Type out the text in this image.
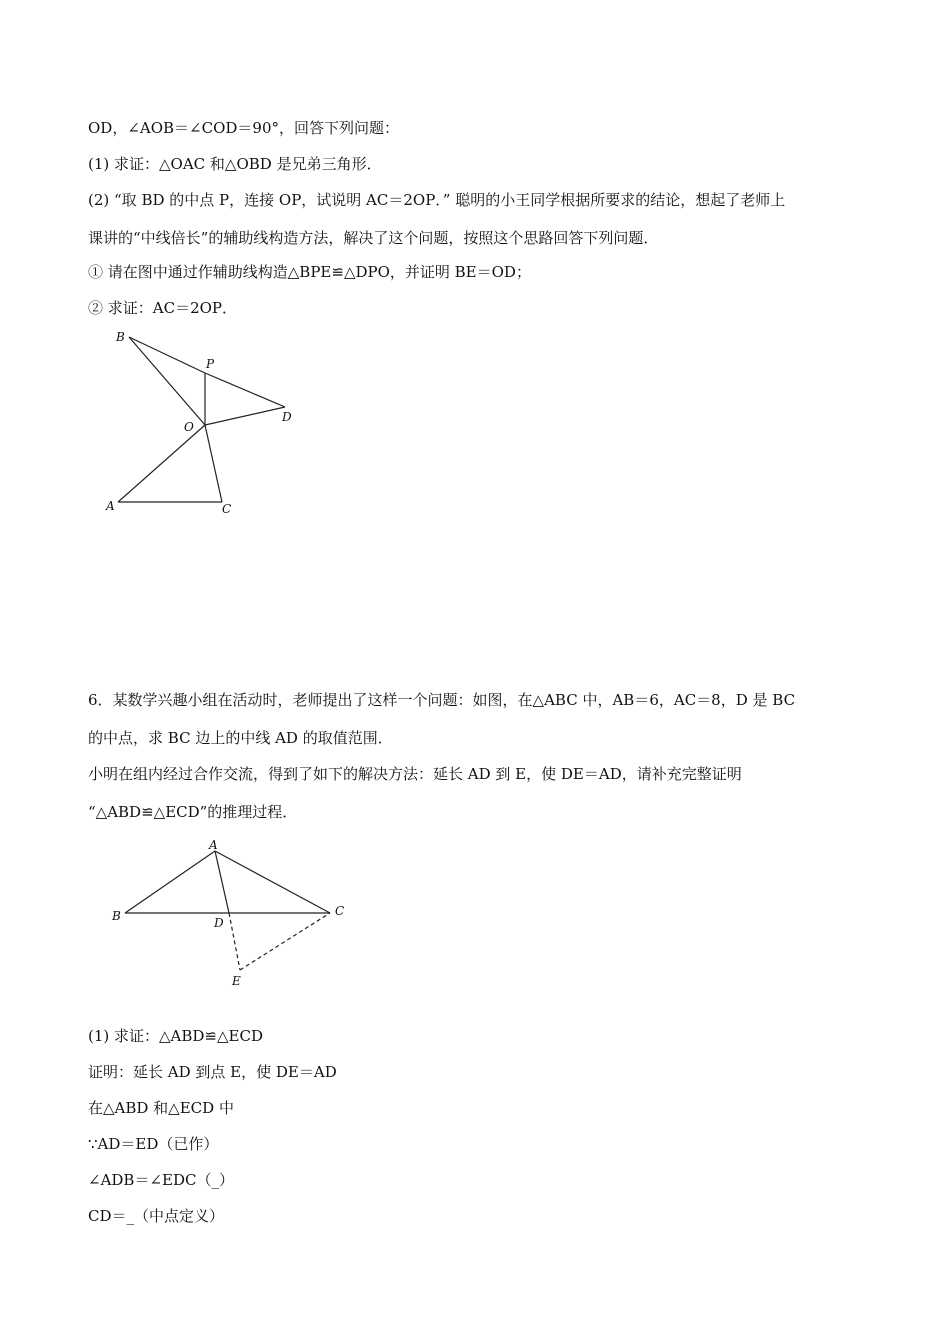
OD，∠AOB＝∠COD＝90°，回答下列问题：
(1) 求证：△OAC 和△OBD 是兄弟三角形．
(2) “取 BD 的中点 P，连接 OP，试说明 AC＝2OP．” 聪明的小王同学根据所要求的结论，想起了老师上
课讲的“中线倍长”的辅助线构造方法，解决了这个问题，按照这个思路回答下列问题．
① 请在图中通过作辅助线构造△BPE≌△DPO，并证明 BE＝OD；
② 求证：AC＝2OP．
B
P
D
O
A	C
A
B	D
C
E
6．某数学兴趣小组在活动时，老师提出了这样一个问题：如图，在△ABC 中，AB＝6，AC＝8，D 是 BC
的中点，求 BC 边上的中线 AD 的取值范围．
小明在组内经过合作交流，得到了如下的解决方法：延长 AD 到 E，使 DE＝AD，请补充完整证明
“△ABD≌△ECD”的推理过程．
(1) 求证：△ABD≌△ECD
证明：延长 AD 到点 E，使 DE＝AD
在△ABD 和△ECD 中
∵AD＝ED（已作）
∠ADB＝∠EDC（_）
CD＝_（中点定义）
